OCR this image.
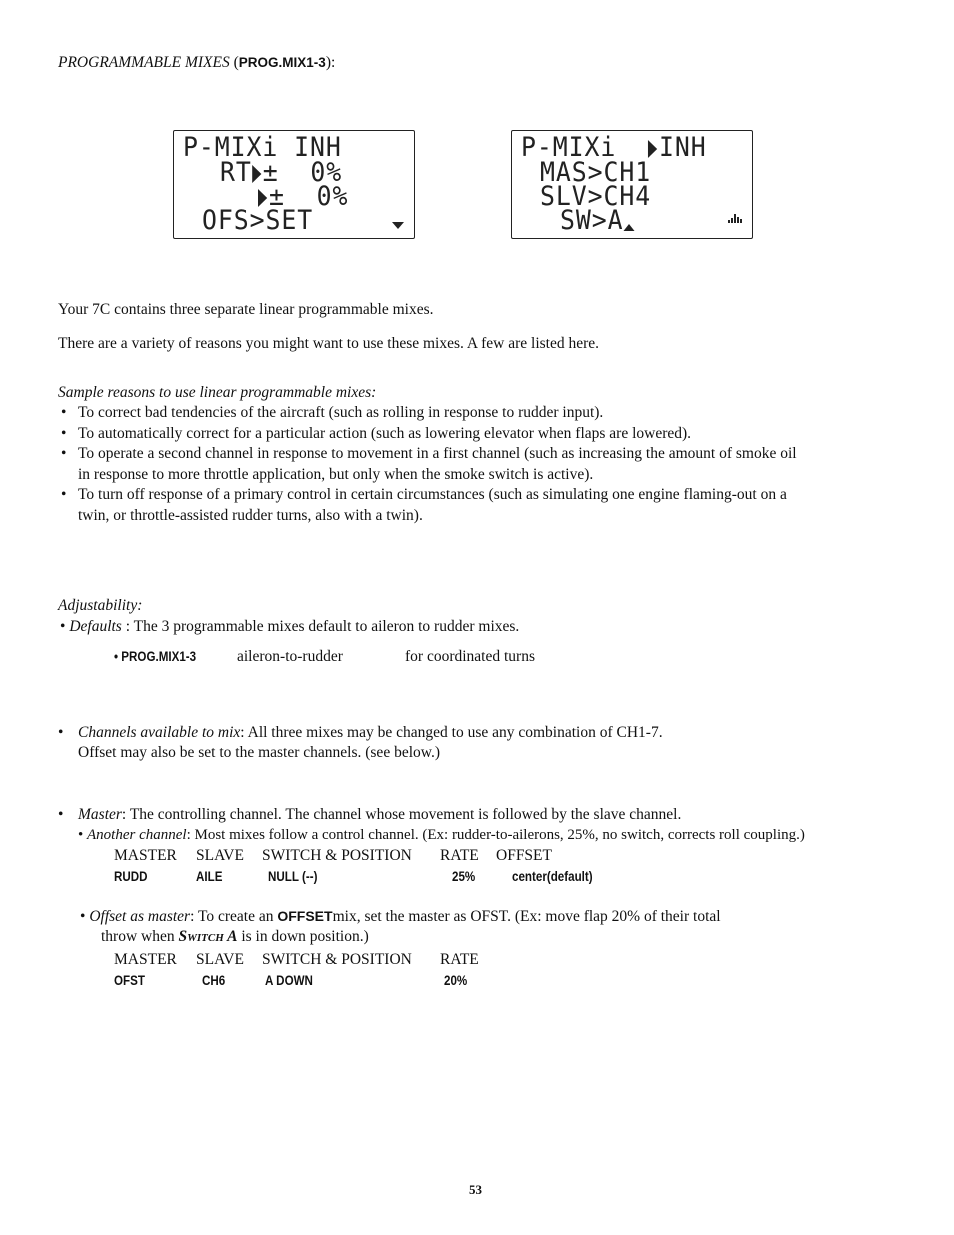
PROGRAMMABLE MIXES (PROG.MIX1-3):
P-MIXi INH
RT ±  0%
±  0%
OFS>SET
P-MIXi INH
MAS>CH1
SLV>CH4
SW>A
Your 7C contains three separate linear programmable mixes.
There are a variety of reasons you might want to use these mixes. A few are listed here.
Sample reasons to use linear programmable mixes:
• To correct bad tendencies of the aircraft (such as rolling in response to rudder input).
• To automatically correct for a particular action (such as lowering elevator when flaps are lowered).
• To operate a second channel in response to movement in a first channel (such as increasing the amount of smoke oil
in response to more throttle application, but only when the smoke switch is active).
• To turn off response of a primary control in certain circumstances (such as simulating one engine flaming-out on a
twin, or throttle-assisted rudder turns, also with a twin).
Adjustability:
• Defaults : The 3 programmable mixes default to aileron to rudder mixes.
• PROG.MIX1-3	aileron-to-rudder	for coordinated turns
• Channels available to mix: All three mixes may be changed to use any combination of CH1-7.
Offset may also be set to the master channels. (see below.)
• Master: The controlling channel. The channel whose movement is followed by the slave channel.
• Another channel: Most mixes follow a control channel. (Ex: rudder-to-ailerons, 25%, no switch, corrects roll coupling.)
MASTER SLAVE SWITCH & POSITION RATE OFFSET
RUDD	AILE	NULL (--)	25%	center(default)
• Offset as master: To create an OFFSETmix, set the master as OFST. (Ex: move flap 20% of their total
throw when Switch A is in down position.)
MASTER SLAVE SWITCH & POSITION RATE
OFST	CH6	A DOWN	20%
53
